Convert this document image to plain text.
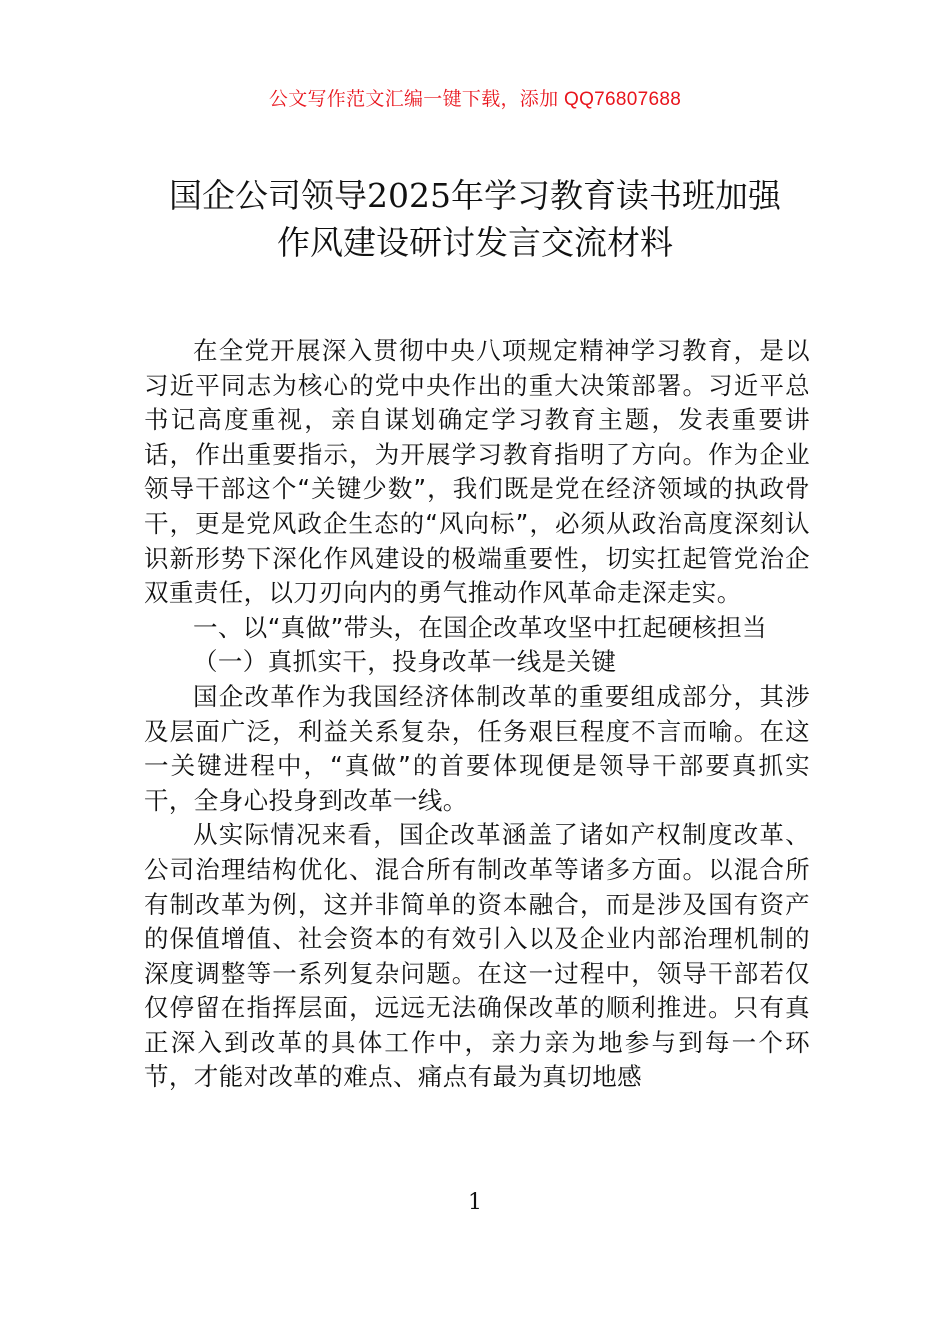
公文写作范文汇编一键下载，添加 QQ76807688
国企公司领导2025年学习教育读书班加强
作风建设研讨发言交流材料

在全党开展深入贯彻中央八项规定精神学习教育，是以习近平同志为核心的党中央作出的重大决策部署。习近平总书记高度重视，亲自谋划确定学习教育主题，发表重要讲话，作出重要指示，为开展学习教育指明了方向。作为企业领导干部这个“关键少数”，我们既是党在经济领域的执政骨干，更是党风政企生态的“风向标”，必须从政治高度深刻认识新形势下深化作风建设的极端重要性，切实扛起管党治企双重责任，以刀刃向内的勇气推动作风革命走深走实。

一、以“真做”带头，在国企改革攻坚中扛起硬核担当

（一）真抓实干，投身改革一线是关键

国企改革作为我国经济体制改革的重要组成部分，其涉及层面广泛，利益关系复杂，任务艰巨程度不言而喻。在这一关键进程中，“真做”的首要体现便是领导干部要真抓实干，全身心投身到改革一线。

从实际情况来看，国企改革涵盖了诸如产权制度改革、公司治理结构优化、混合所有制改革等诸多方面。以混合所有制改革为例，这并非简单的资本融合，而是涉及国有资产的保值增值、社会资本的有效引入以及企业内部治理机制的深度调整等一系列复杂问题。在这一过程中，领导干部若仅仅停留在指挥层面，远远无法确保改革的顺利推进。只有真正深入到改革的具体工作中，亲力亲为地参与到每一个环节，才能对改革的难点、痛点有最为真切地感

1
